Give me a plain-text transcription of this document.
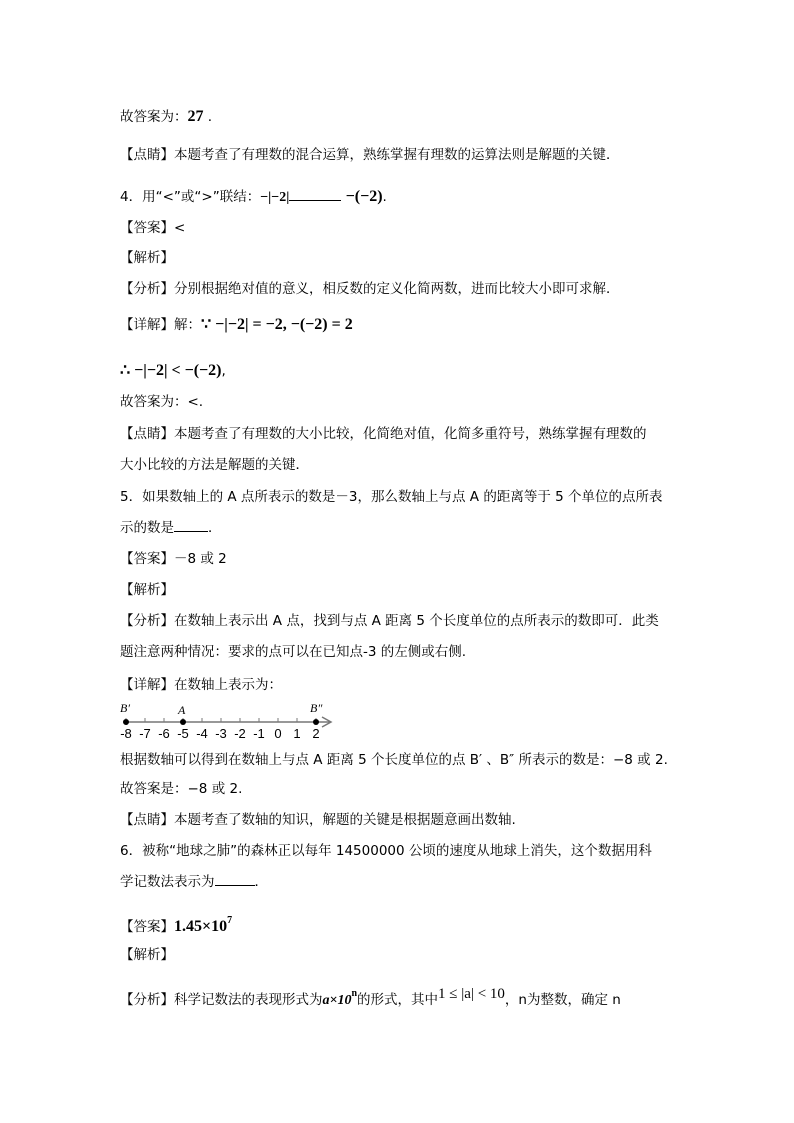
故答案为：27 .
【点睛】本题考查了有理数的混合运算，熟练掌握有理数的运算法则是解题的关键．
4．用“<”或“>”联结：−|−2|	−(−2).
【答案】<
【解析】
【分析】分别根据绝对值的意义，相反数的定义化简两数，进而比较大小即可求解．
【详解】解：∵ −|−2| = −2, −(−2) = 2
∴ −|−2| < −(−2),
故答案为：<.
【点睛】本题考查了有理数的大小比较，化简绝对值，化简多重符号，熟练掌握有理数的
大小比较的方法是解题的关键．
5．如果数轴上的 A 点所表示的数是－3，那么数轴上与点 A 的距离等于 5 个单位的点所表
示的数是	．
【答案】－8 或 2
【解析】
【分析】在数轴上表示出 A 点，找到与点 A 距离 5 个长度单位的点所表示的数即可．此类
题注意两种情况：要求的点可以在已知点-3 的左侧或右侧.
【详解】在数轴上表示为：
-8 -7 -6 -5 -4 -3 -2 -1 0 1 2
B′	A	B″
根据数轴可以得到在数轴上与点 A 距离 5 个长度单位的点 B′ 、B″ 所表示的数是：−8 或 2.
故答案是：−8 或 2.
【点睛】本题考查了数轴的知识，解题的关键是根据题意画出数轴.
6．被称“地球之肺”的森林正以每年 14500000 公顷的速度从地球上消失，这个数据用科
学记数法表示为	．
【答案】$1.45\times 10^7$
【解析】
【分析】科学记数法的表现形式为$a\times 10^n$的形式，其中1 ≤ |a| < 10，n为整数，确定 n
